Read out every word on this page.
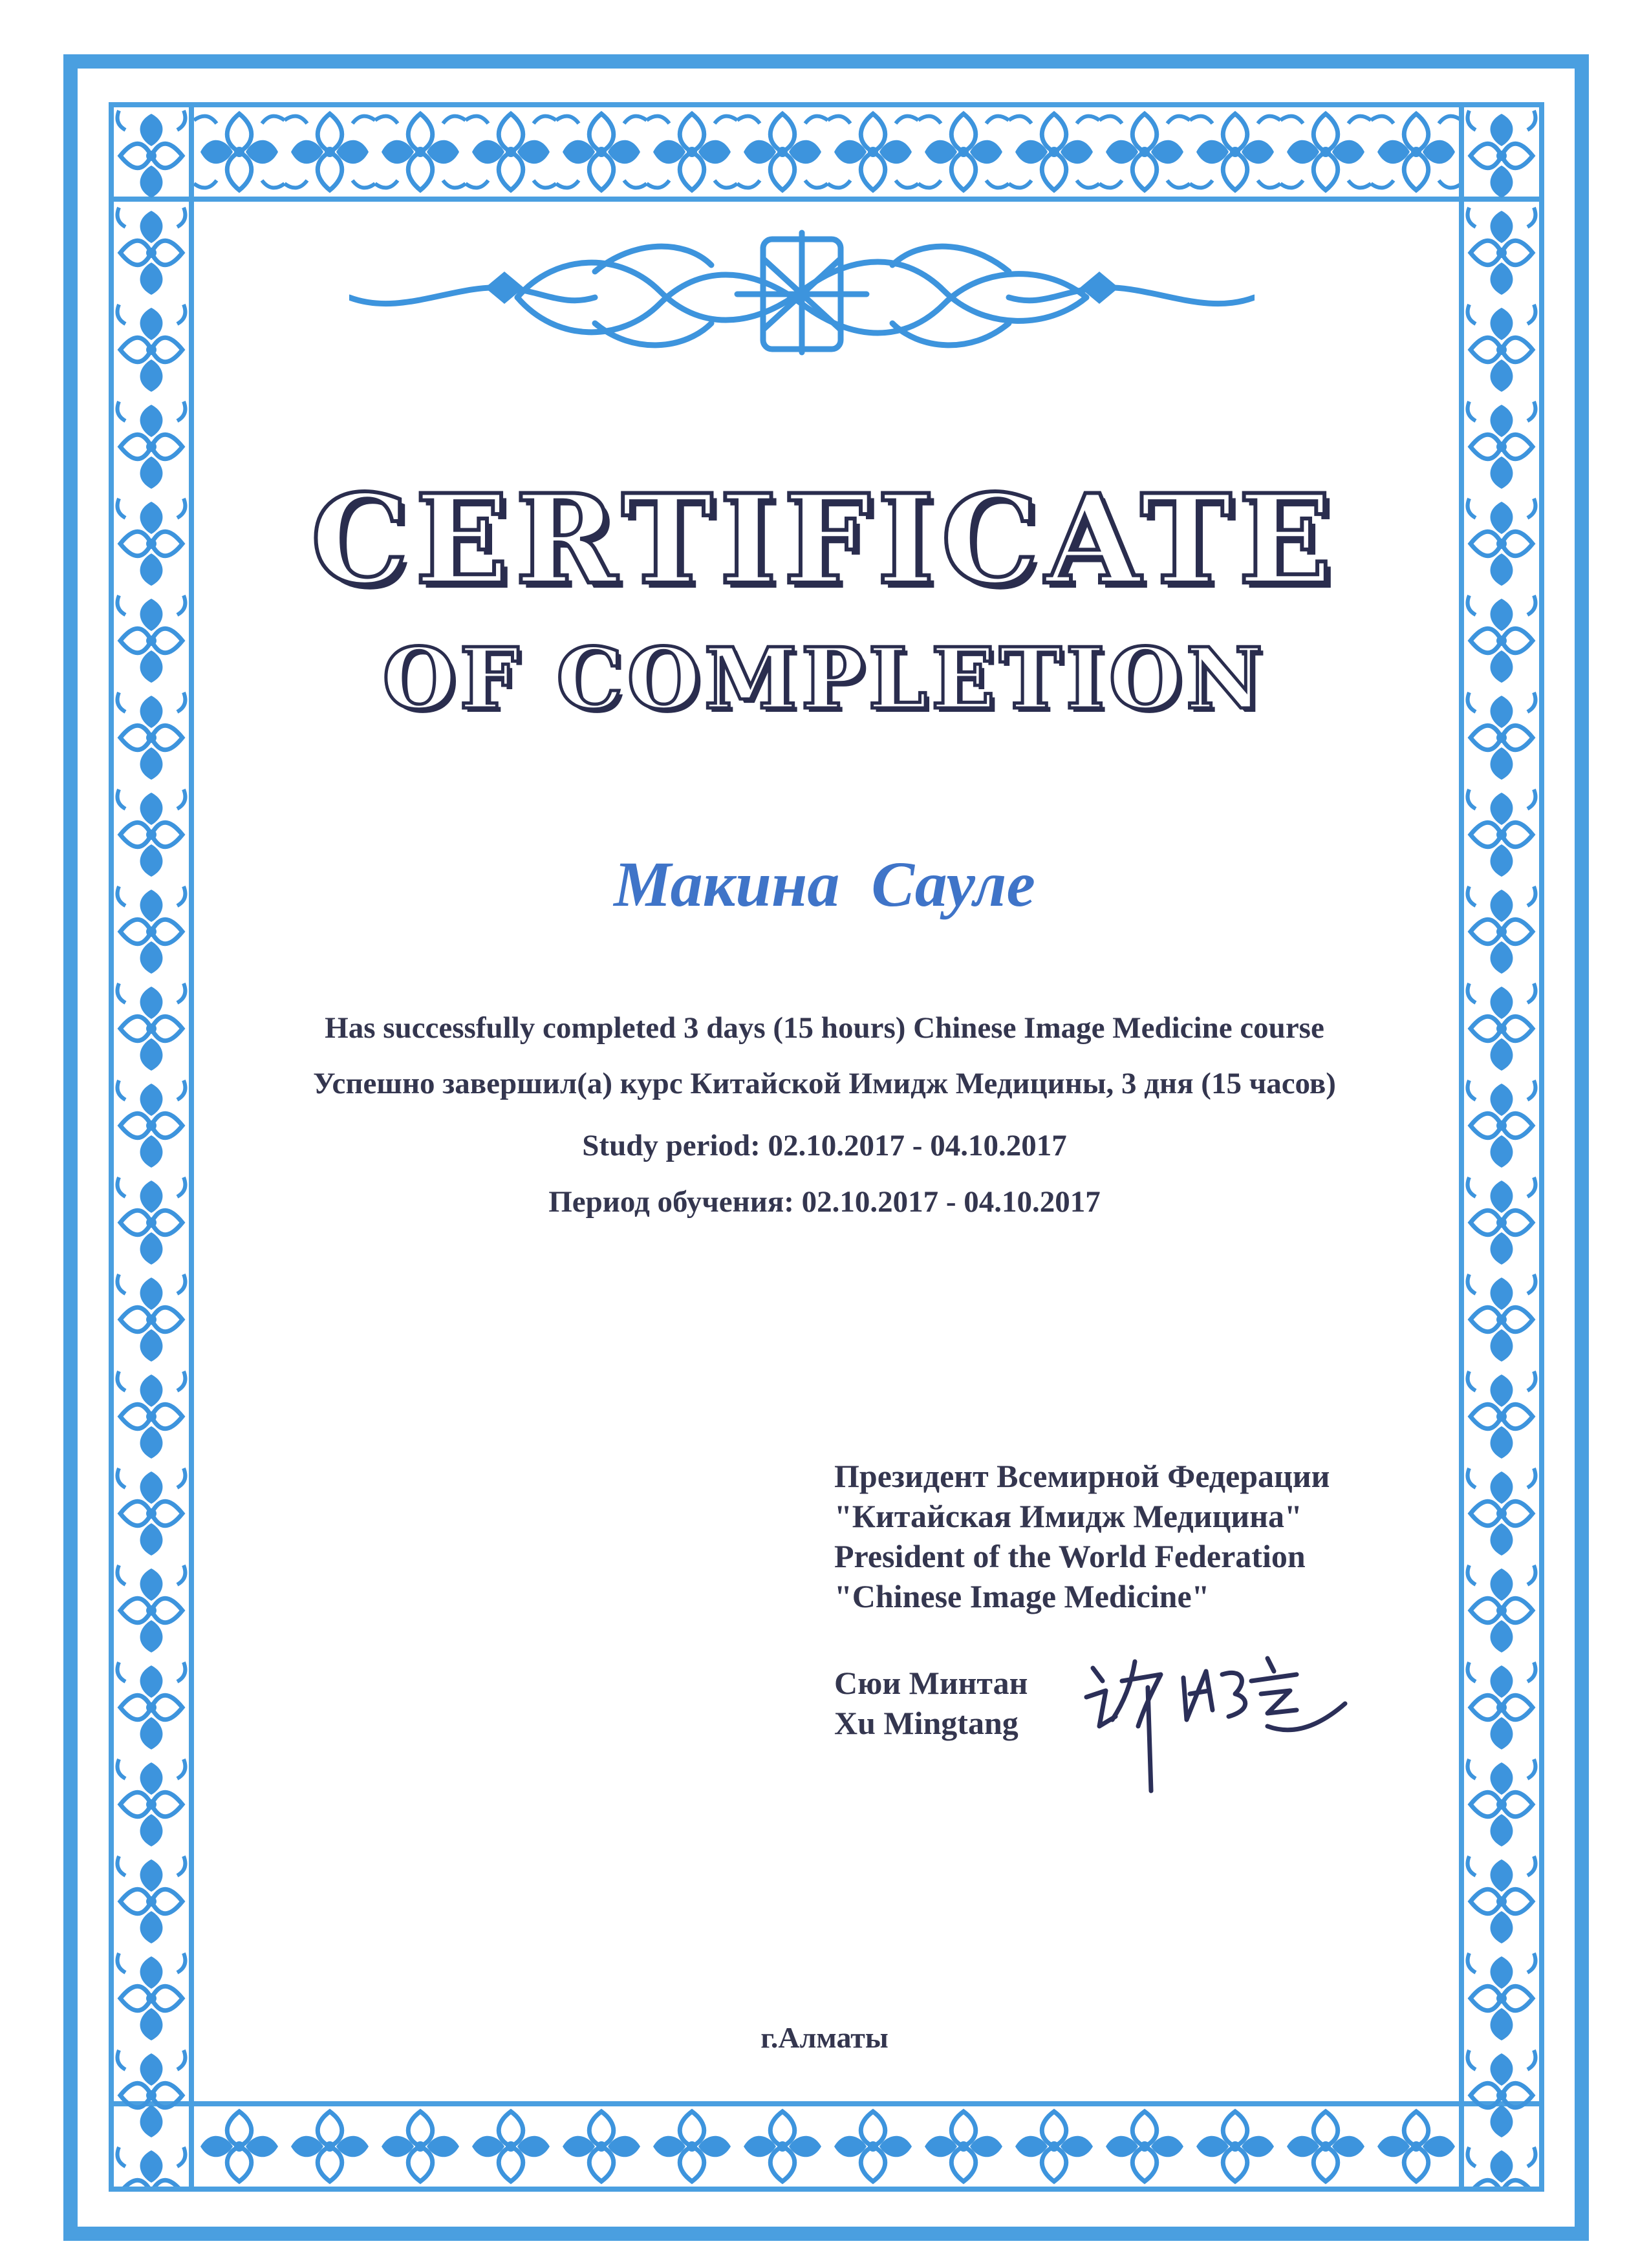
CERTIFICATE
OF COMPLETION
Макина Сауле
Has successfully completed 3 days (15 hours) Chinese Image Medicine course
Успешно завершил(а) курс Китайской Имидж Медицины, 3 дня (15 часов)
Study period: 02.10.2017 - 04.10.2017
Период обучения: 02.10.2017 - 04.10.2017
Президент Всемирной Федерации
"Китайская Имидж Медицина"
President of the World Federation
"Chinese Image Medicine"
Сюи Минтан
Xu Mingtang
г.Алматы
